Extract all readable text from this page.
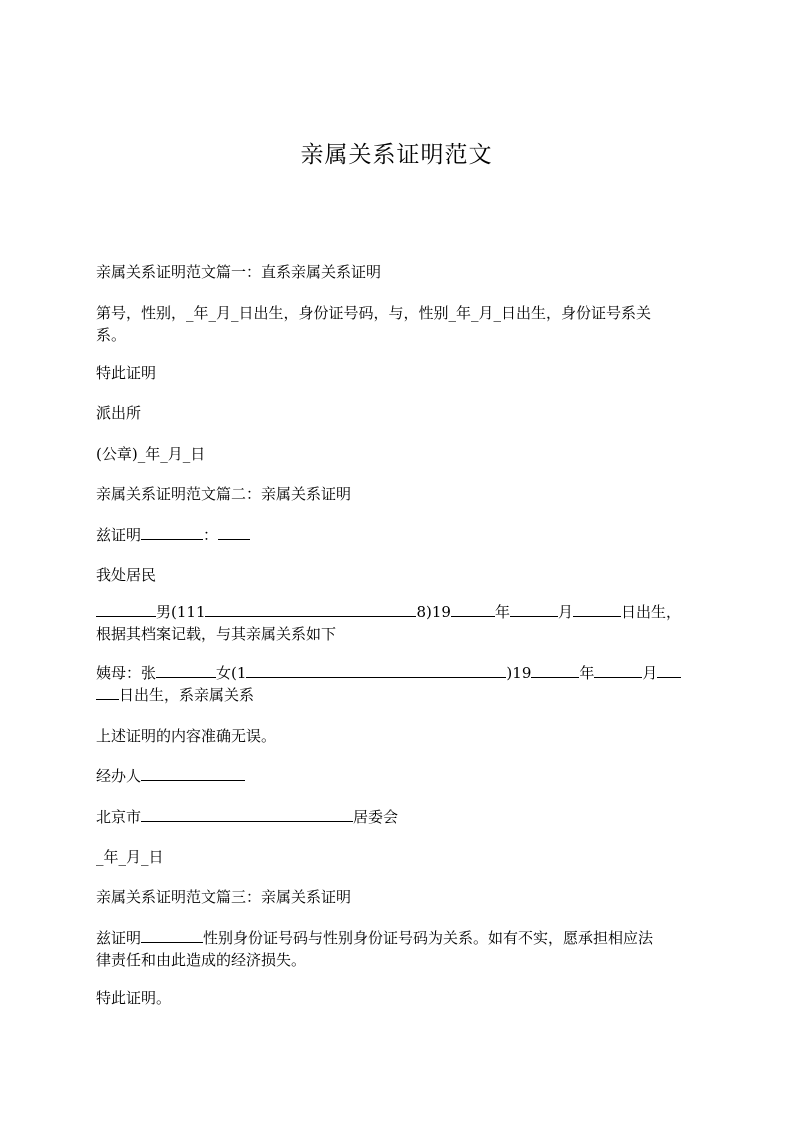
亲属关系证明范文
亲属关系证明范文篇一：直系亲属关系证明
第号，性别，_年_月_日出生，身份证号码，与，性别_年_月_日出生，身份证号系关
系。
特此证明
派出所
(公章)_年_月_日
亲属关系证明范文篇二：亲属关系证明
兹证明	：
我处居民
男(111	8)19	年	月	日出生，
根据其档案记载，与其亲属关系如下
姨母：张	女(1	)19	年	月
日出生，系亲属关系
上述证明的内容准确无误。
经办人
北京市	居委会
_年_月_日
亲属关系证明范文篇三：亲属关系证明
兹证明	性别身份证号码与性别身份证号码为关系。如有不实，愿承担相应法
律责任和由此造成的经济损失。
特此证明。
